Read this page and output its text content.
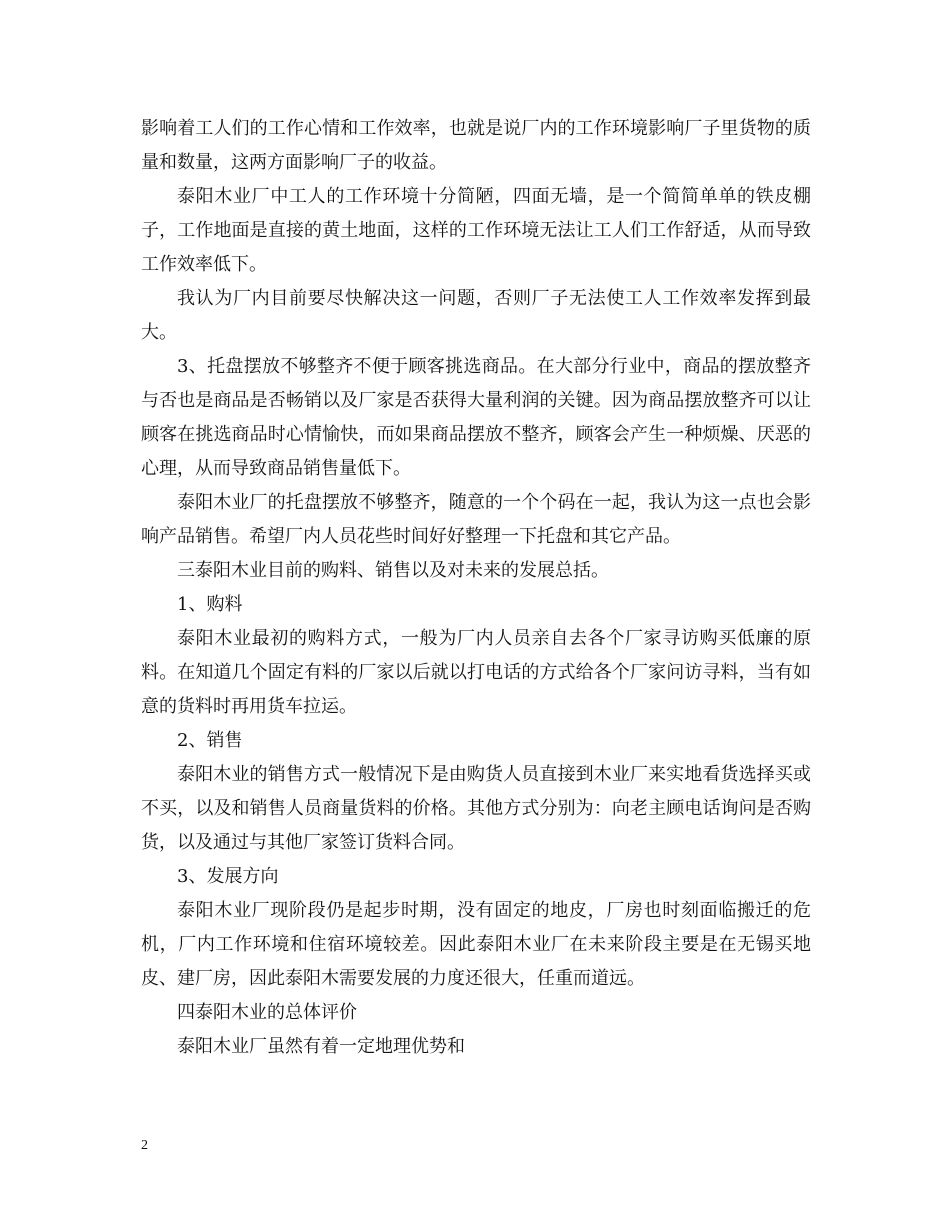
影响着工人们的工作心情和工作效率，也就是说厂内的工作环境影响厂子里货物的质量和数量，这两方面影响厂子的收益。

泰阳木业厂中工人的工作环境十分简陋，四面无墙，是一个简简单单的铁皮棚子，工作地面是直接的黄土地面，这样的工作环境无法让工人们工作舒适，从而导致工作效率低下。

我认为厂内目前要尽快解决这一问题，否则厂子无法使工人工作效率发挥到最大。

3、托盘摆放不够整齐不便于顾客挑选商品。在大部分行业中，商品的摆放整齐与否也是商品是否畅销以及厂家是否获得大量利润的关键。因为商品摆放整齐可以让顾客在挑选商品时心情愉快，而如果商品摆放不整齐，顾客会产生一种烦燥、厌恶的心理，从而导致商品销售量低下。

泰阳木业厂的托盘摆放不够整齐，随意的一个个码在一起，我认为这一点也会影响产品销售。希望厂内人员花些时间好好整理一下托盘和其它产品。

三泰阳木业目前的购料、销售以及对未来的发展总括。

1、购料

泰阳木业最初的购料方式，一般为厂内人员亲自去各个厂家寻访购买低廉的原料。在知道几个固定有料的厂家以后就以打电话的方式给各个厂家问访寻料，当有如意的货料时再用货车拉运。

2、销售

泰阳木业的销售方式一般情况下是由购货人员直接到木业厂来实地看货选择买或不买，以及和销售人员商量货料的价格。其他方式分别为：向老主顾电话询问是否购货，以及通过与其他厂家签订货料合同。

3、发展方向

泰阳木业厂现阶段仍是起步时期，没有固定的地皮，厂房也时刻面临搬迁的危机，厂内工作环境和住宿环境较差。因此泰阳木业厂在未来阶段主要是在无锡买地皮、建厂房，因此泰阳木需要发展的力度还很大，任重而道远。

四泰阳木业的总体评价

泰阳木业厂虽然有着一定地理优势和

2
